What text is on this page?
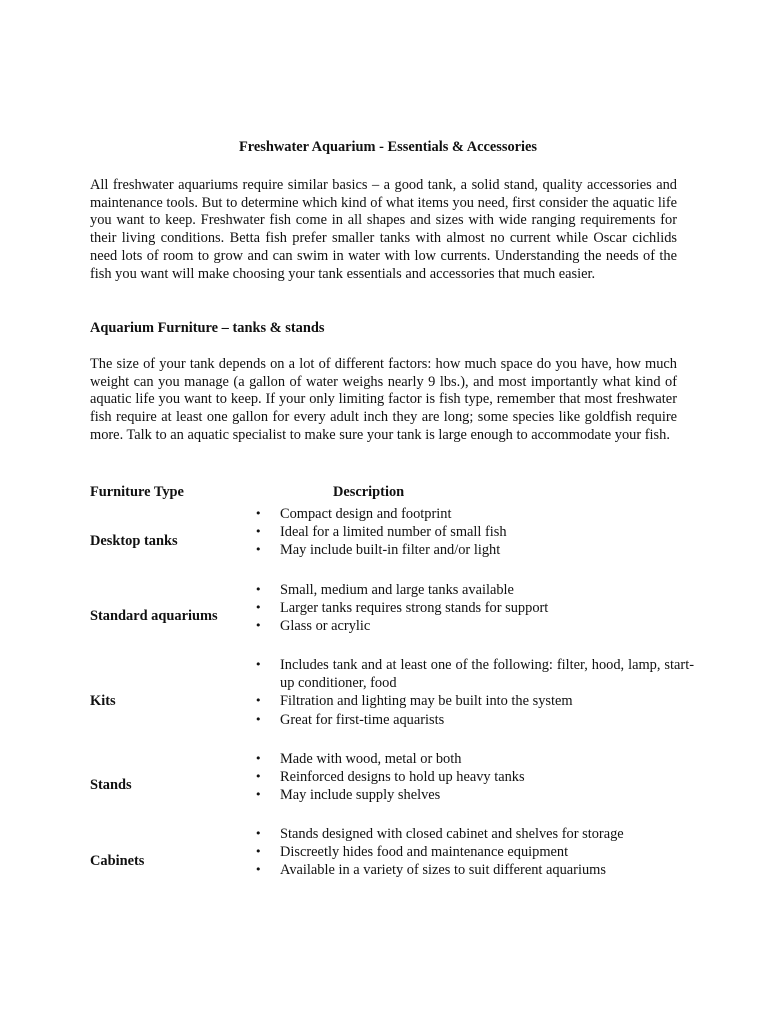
Freshwater Aquarium - Essentials & Accessories

All freshwater aquariums require similar basics – a good tank, a solid stand, quality accessories and maintenance tools. But to determine which kind of what items you need, first consider the aquatic life you want to keep. Freshwater fish come in all shapes and sizes with wide ranging requirements for their living conditions. Betta fish prefer smaller tanks with almost no current while Oscar cichlids need lots of room to grow and can swim in water with low currents. Understanding the needs of the fish you want will make choosing your tank essentials and accessories that much easier.

Aquarium Furniture – tanks & stands

The size of your tank depends on a lot of different factors: how much space do you have, how much weight can you manage (a gallon of water weighs nearly 9 lbs.), and most importantly what kind of aquatic life you want to keep. If your only limiting factor is fish type, remember that most freshwater fish require at least one gallon for every adult inch they are long; some species like goldfish require more. Talk to an aquatic specialist to make sure your tank is large enough to accommodate your fish.

Furniture Type	Description
Desktop tanks
• Compact design and footprint
• Ideal for a limited number of small fish
• May include built-in filter and/or light
Standard aquariums
• Small, medium and large tanks available
• Larger tanks requires strong stands for support
• Glass or acrylic
Kits
• Includes tank and at least one of the following: filter, hood, lamp, start-up conditioner, food
• Filtration and lighting may be built into the system
• Great for first-time aquarists
Stands
• Made with wood, metal or both
• Reinforced designs to hold up heavy tanks
• May include supply shelves
Cabinets
• Stands designed with closed cabinet and shelves for storage
• Discreetly hides food and maintenance equipment
• Available in a variety of sizes to suit different aquariums
